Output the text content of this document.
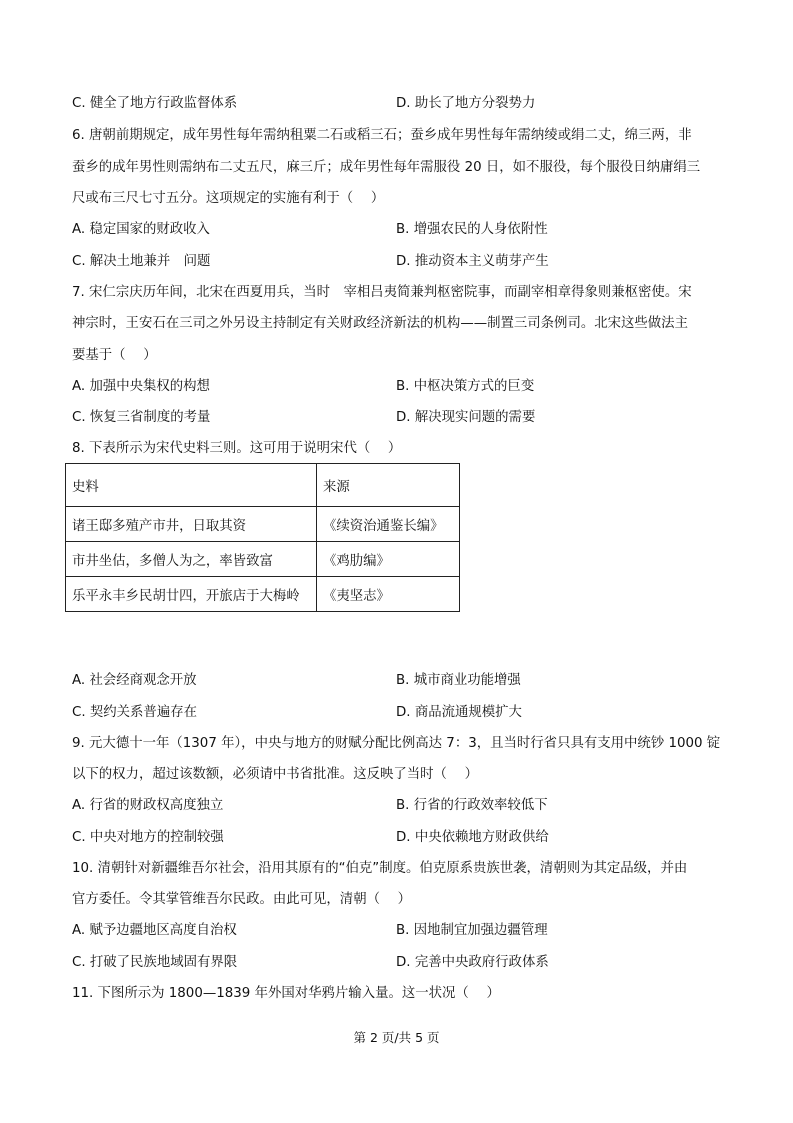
C. 健全了地方行政监督体系	D. 助长了地方分裂势力
6. 唐朝前期规定，成年男性每年需纳租粟二石或稻三石；蚕乡成年男性每年需纳绫或绢二丈，绵三两，非
蚕乡的成年男性则需纳布二丈五尺，麻三斤；成年男性每年需服役 20 日，如不服役，每个服役日纳庸绢三
尺或布三尺七寸五分。这项规定的实施有利于（　 ）
A. 稳定国家的财政收入	B. 增强农民的人身依附性
C. 解决土地兼并　问题	D. 推动资本主义萌芽产生
7. 宋仁宗庆历年间，北宋在西夏用兵，当时　宰相吕夷简兼判枢密院事，而副宰相章得象则兼枢密使。宋
神宗时，王安石在三司之外另设主持制定有关财政经济新法的机构——制置三司条例司。北宋这些做法主
要基于（　 ）
A. 加强中央集权的构想	B. 中枢决策方式的巨变
C. 恢复三省制度的考量	D. 解决现实问题的需要
8. 下表所示为宋代史料三则。这可用于说明宋代（　 ）
史料	来源
诸王邸多殖产市井，日取其资	《续资治通鉴长编》
市井坐估，多僧人为之，率皆致富	《鸡肋编》
乐平永丰乡民胡廿四，开旅店于大梅岭	《夷坚志》
A. 社会经商观念开放	B. 城市商业功能增强
C. 契约关系普遍存在	D. 商品流通规模扩大
9. 元大德十一年（1307 年），中央与地方的财赋分配比例高达 7：3，且当时行省只具有支用中统钞 1000 锭
以下的权力，超过该数额，必须请中书省批准。这反映了当时（　 ）
A. 行省的财政权高度独立	B. 行省的行政效率较低下
C. 中央对地方的控制较强	D. 中央依赖地方财政供给
10. 清朝针对新疆维吾尔社会，沿用其原有的“伯克”制度。伯克原系贵族世袭，清朝则为其定品级，并由
官方委任。令其掌管维吾尔民政。由此可见，清朝（　 ）
A. 赋予边疆地区高度自治权	B. 因地制宜加强边疆管理
C. 打破了民族地域固有界限	D. 完善中央政府行政体系
11. 下图所示为 1800—1839 年外国对华鸦片输入量。这一状况（　 ）
第 2 页/共 5 页
